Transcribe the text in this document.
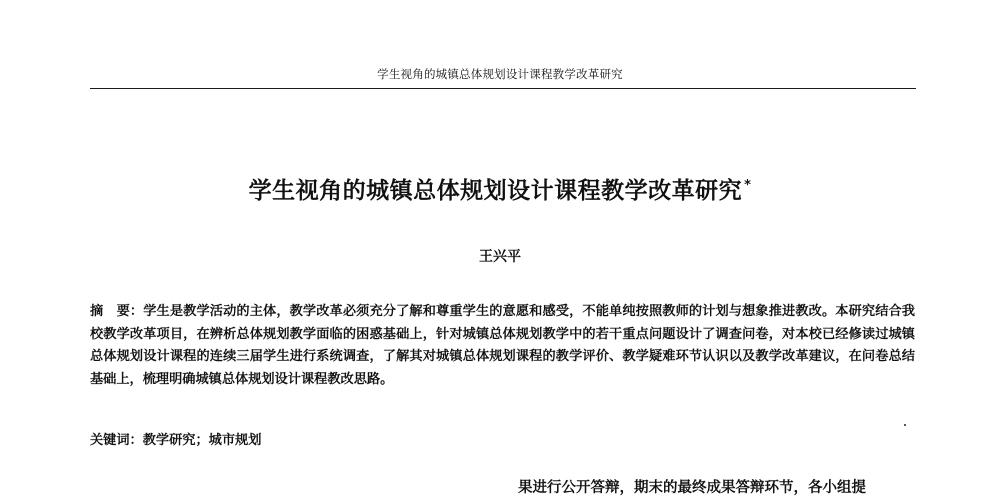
学生视角的城镇总体规划设计课程教学改革研究
学生视角的城镇总体规划设计课程教学改革研究 *
王兴平
摘　要：学生是教学活动的主体，教学改革必须充分了解和尊重学生的意愿和感受，不能单纯按照教师的计划与想象推进教改。本研究结合我校教学改革项目，在辨析总体规划教学面临的困惑基础上，针对城镇总体规划教学中的若干重点问题设计了调查问卷，对本校已经修读过城镇总体规划设计课程的连续三届学生进行系统调查，了解其对城镇总体规划课程的教学评价、教学疑难环节认识以及教学改革建议，在问卷总结基础上，梳理明确城镇总体规划设计课程教改思路。
关键词：教学研究；城市规划
果进行公开答辩，期末的最终成果答辩环节，各小组提
